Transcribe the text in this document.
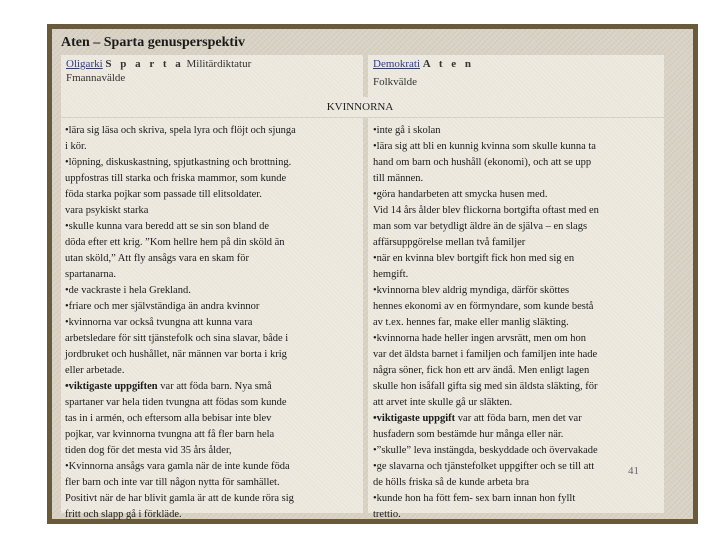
Aten – Sparta genusperspektiv
Oligarki S p a r t a Militärdiktatur
Fmannavälde
Demokrati A t e n
Folkvälde
KVINNORNA
•lära sig läsa och skriva, spela lyra och flöjt och sjunga
i kör.
•löpning, diskuskastning, spjutkastning och brottning.
uppfostras till starka och friska mammor, som kunde
föda starka pojkar som passade till elitsoldater.
vara psykiskt starka
•skulle kunna vara beredd att se sin son bland de
döda efter ett krig. ”Kom hellre hem på din sköld än
utan sköld,” Att fly ansågs vara en skam för
spartanarna.
•de vackraste i hela Grekland.
•friare och mer självständiga än andra kvinnor
•kvinnorna var också tvungna att kunna vara
arbetsledare för sitt tjänstefolk och sina slavar, både i
jordbruket och hushållet, när männen var borta i krig
eller arbetade.
•viktigaste uppgiften var att föda barn. Nya små
spartaner var hela tiden tvungna att födas som kunde
tas in i armén, och eftersom alla bebisar inte blev
pojkar, var kvinnorna tvungna att få fler barn hela
tiden dog för det mesta vid 35 års ålder,
•Kvinnorna ansågs vara gamla när de inte kunde föda
fler barn och inte var till någon nytta för samhället.
Positivt när de har blivit gamla är att de kunde röra sig
fritt och slapp gå i förkläde.
•inte gå i skolan
•lära sig att bli en kunnig kvinna som skulle kunna ta
hand om barn och hushåll (ekonomi), och att se upp
till männen.
•göra handarbeten att smycka husen med.
Vid 14 års ålder blev flickorna bortgifta oftast med en
man som var betydligt äldre än de själva – en slags
affärsuppgörelse mellan två familjer
•när en kvinna blev bortgift fick hon med sig en
hemgift.
•kvinnorna blev aldrig myndiga, därför sköttes
hennes ekonomi av en förmyndare, som kunde bestå
av t.ex. hennes far, make eller manlig släkting.
•kvinnorna hade heller ingen arvsrätt, men om hon
var det äldsta barnet i familjen och familjen inte hade
några söner, fick hon ett arv ändå. Men enligt lagen
skulle hon isåfall gifta sig med sin äldsta släkting, för
att arvet inte skulle gå ur släkten.
•viktigaste uppgift var att föda barn, men det var
husfadern som bestämde hur många eller när.
•”skulle” leva instängda, beskyddade och övervakade
•ge slavarna och tjänstefolket uppgifter och se till att
de hölls friska så de kunde arbeta bra
•kunde hon ha fött fem- sex barn innan hon fyllt
trettio.
41
